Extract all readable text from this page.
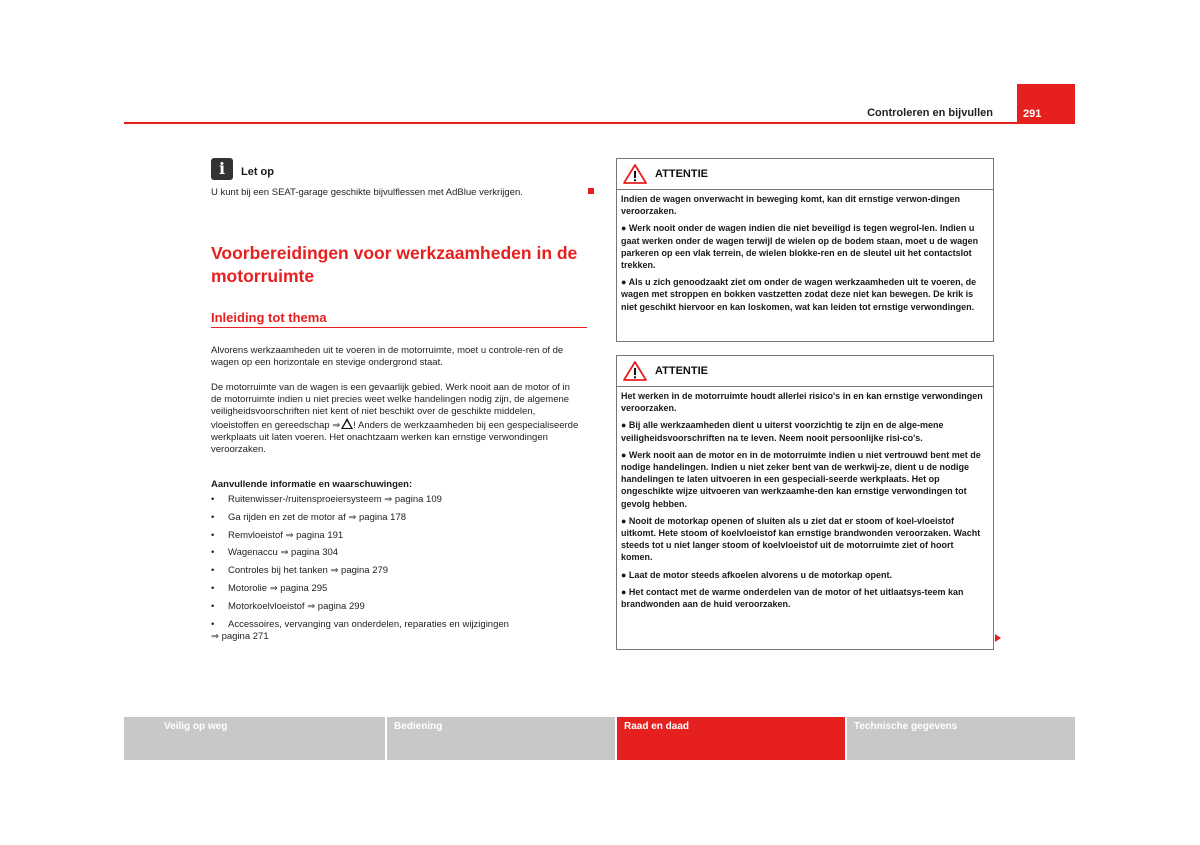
Controleren en bijvullen	291
i	Let op
U kunt bij een SEAT-garage geschikte bijvulflessen met AdBlue verkrijgen.
Voorbereidingen voor werkzaamheden in de motorruimte
Inleiding tot thema
Alvorens werkzaamheden uit te voeren in de motorruimte, moet u controle-ren of de wagen op een horizontale en stevige ondergrond staat.
De motorruimte van de wagen is een gevaarlijk gebied. Werk nooit aan de motor of in de motorruimte indien u niet precies weet welke handelingen nodig zijn, de algemene veiligheidsvoorschriften niet kent of niet beschikt over de geschikte middelen, vloeistoffen en gereedschap ⇒ ! Anders de werkzaamheden bij een gespecialiseerde werkplaats uit laten voeren. Het onachtzaam werken kan ernstige verwondingen veroorzaken.
Aanvullende informatie en waarschuwingen:
• Ruitenwisser-/ruitensproeiersysteem ⇒ pagina 109
• Ga rijden en zet de motor af ⇒ pagina 178
• Remvloeistof ⇒ pagina 191
• Wagenaccu ⇒ pagina 304
• Controles bij het tanken ⇒ pagina 279
• Motorolie ⇒ pagina 295
• Motorkoelvloeistof ⇒ pagina 299
• Accessoires, vervanging van onderdelen, reparaties en wijzigingen
⇒ pagina 271
ATTENTIE

Indien de wagen onverwacht in beweging komt, kan dit ernstige verwon-dingen veroorzaken.

● Werk nooit onder de wagen indien die niet beveiligd is tegen wegrol-len. Indien u gaat werken onder de wagen terwijl de wielen op de bodem staan, moet u de wagen parkeren op een vlak terrein, de wielen blokke-ren en de sleutel uit het contactslot trekken.

● Als u zich genoodzaakt ziet om onder de wagen werkzaamheden uit te voeren, de wagen met stroppen en bokken vastzetten zodat deze niet kan bewegen. De krik is niet geschikt hiervoor en kan loskomen, wat kan leiden tot ernstige verwondingen.

ATTENTIE

Het werken in de motorruimte houdt allerlei risico's in en kan ernstige verwondingen veroorzaken.

● Bij alle werkzaamheden dient u uiterst voorzichtig te zijn en de alge-mene veiligheidsvoorschriften na te leven. Neem nooit persoonlijke risi-co's.

● Werk nooit aan de motor en in de motorruimte indien u niet vertrouwd bent met de nodige handelingen. Indien u niet zeker bent van de werkwij-ze, dient u de nodige handelingen te laten uitvoeren in een gespeciali-seerde werkplaats. Het op ongeschikte wijze uitvoeren van werkzaamhe-den kan ernstige verwondingen tot gevolg hebben.

● Nooit de motorkap openen of sluiten als u ziet dat er stoom of koel-vloeistof uitkomt. Hete stoom of koelvloeistof kan ernstige brandwonden veroorzaken. Wacht steeds tot u niet langer stoom of koelvloeistof uit de motorruimte ziet of hoort komen.

● Laat de motor steeds afkoelen alvorens u de motorkap opent.

● Het contact met de warme onderdelen van de motor of het uitlaatsys-teem kan brandwonden aan de huid veroorzaken.

Veilig op weg	Bediening	Raad en daad	Technische gegevens
